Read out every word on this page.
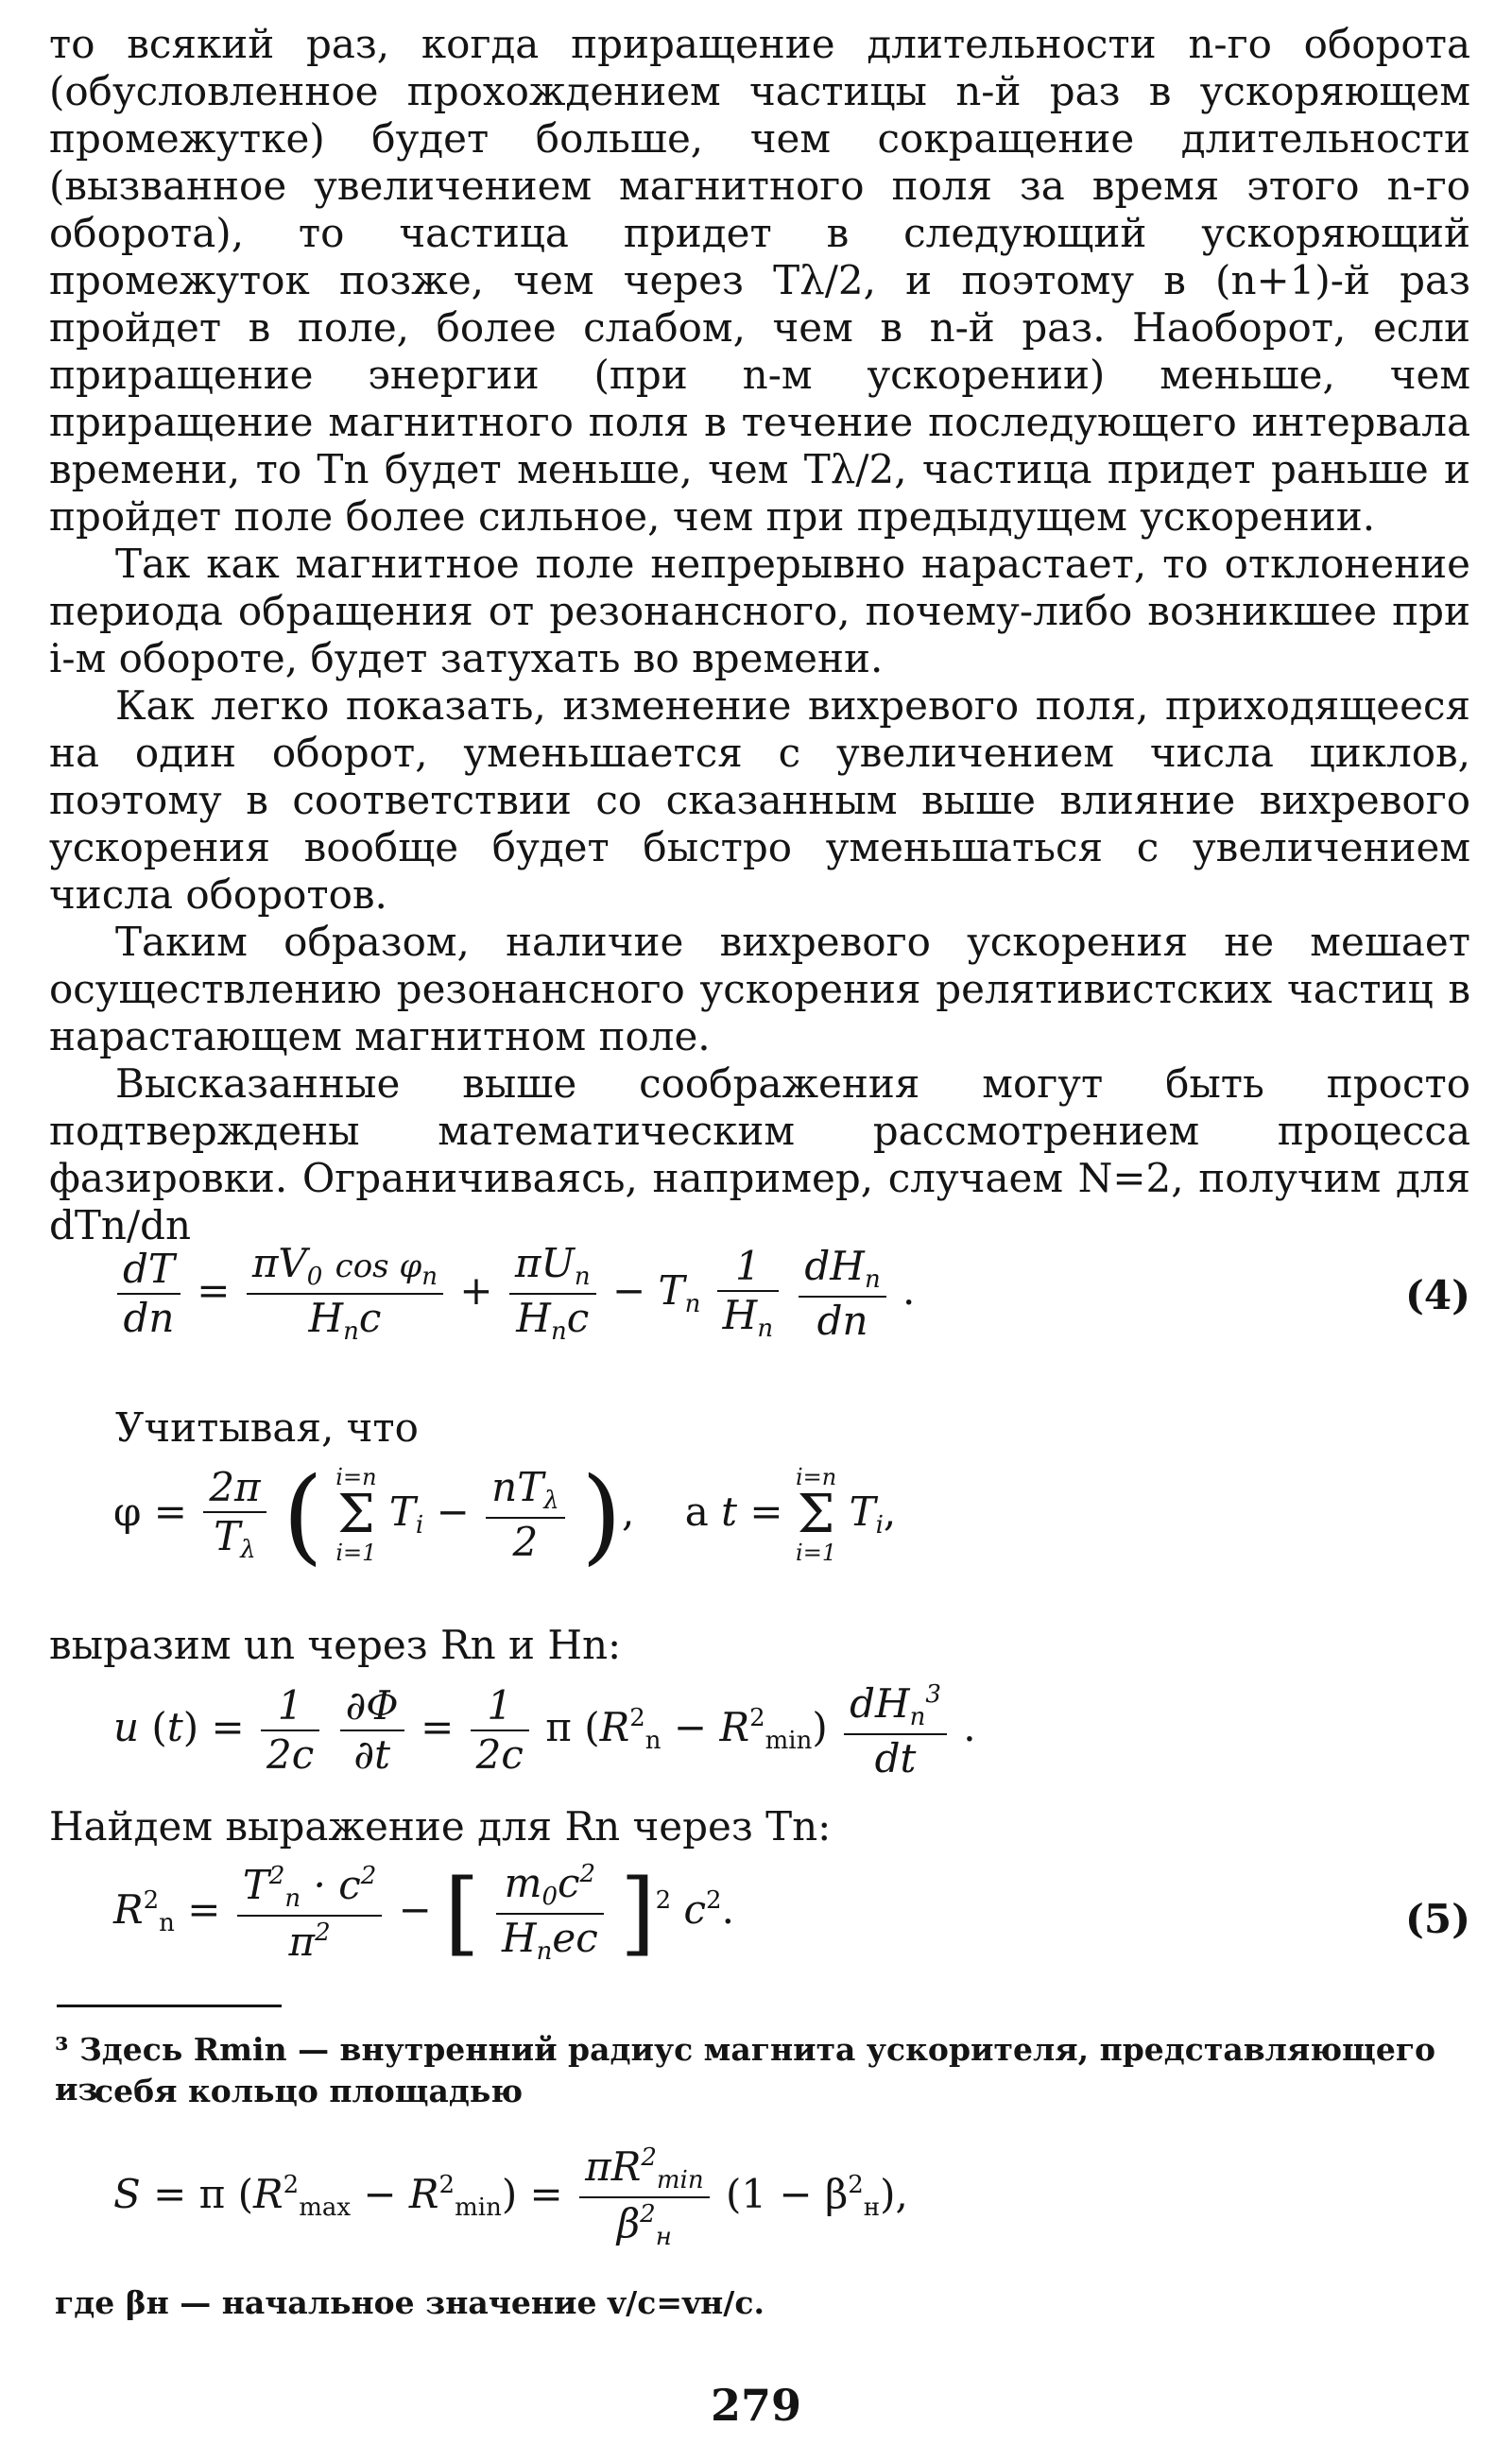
то всякий раз, когда приращение длительности n-го оборота (обусловленное прохождением частицы n-й раз в ускоряющем промежутке) будет больше, чем сокращение длительности (вызванное увеличением магнитного поля за время этого n-го оборота), то частица придет в следующий ускоряющий промежуток позже, чем через Tλ/2, и поэтому в (n+1)-й раз пройдет в поле, более слабом, чем в n-й раз. Наоборот, если приращение энергии (при n-м ускорении) меньше, чем приращение магнитного поля в течение последующего интервала времени, то Tn будет меньше, чем Tλ/2, частица придет раньше и пройдет поле более сильное, чем при предыдущем ускорении.

Так как магнитное поле непрерывно нарастает, то отклонение периода обращения от резонансного, почему-либо возникшее при i-м обороте, будет затухать во времени.

Как легко показать, изменение вихревого поля, приходящееся на один оборот, уменьшается с увеличением числа циклов, поэтому в соответствии со сказанным выше влияние вихревого ускорения вообще будет быстро уменьшаться с увеличением числа оборотов.

Таким образом, наличие вихревого ускорения не мешает осуществлению резонансного ускорения релятивистских частиц в нарастающем магнитном поле.

Высказанные выше соображения могут быть просто подтверждены математическим рассмотрением процесса фазировки. Ограничиваясь, например, случаем N=2, получим для dTn/dn

$\frac{dT}{dn} = \frac{\pi V_0 \cos \varphi_n}{H_nc} + \frac{\pi U_n}{H_nc} - T_n \frac{1}{H_n}$
$\frac{dH_n}{dn}$ .	(4)
Учитывая, что
$\varphi = \frac{2\pi}{T_\lambda}$ ( i=n
Σ
i=1
$T_i - \frac{nT_\lambda}{2}$ ),    а t =
i=n
Σ
i=1
$T_i$,
выразим un через Rn и Hn:
u $(t) = \frac{1}{2c}$
$\frac{\partial\Phi}{\partial t} = \frac{1}{2c}$ π $(R^2_n - R^2_{min}) \frac{dH_n^3}{dt}$ .
Найдем выражение для Rn через Tn:
$R^2_n = \frac{T^2_n \cdot c^2}{\pi^2}$ − [ $\frac{m_0c^2}{H_nec} ]^2$ $c^2$.	(5)
³ Здесь Rmin — внутренний радиус магнита ускорителя, представляющего из
себя кольцо площадью
S = π $(R^2_{max} - R^2_{min}) = \frac{\pi R^2_{min}}{\beta^2_н} (1 - \beta^2_н)$,
где βн — начальное значение v/c=vн/c.
279
